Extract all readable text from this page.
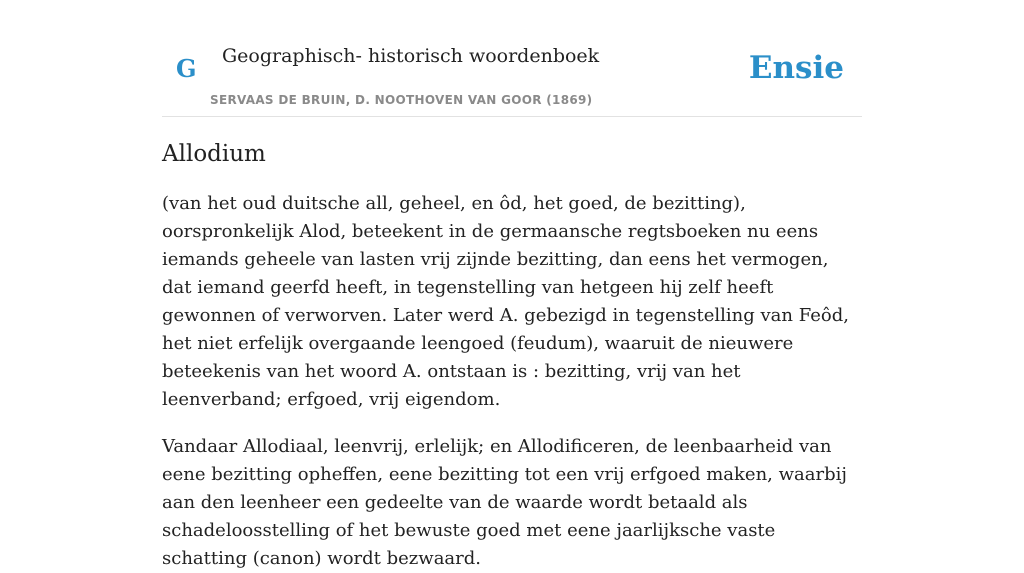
G Geographisch- historisch woordenboek
SERVAAS DE BRUIN, D. NOOTHOVEN VAN GOOR (1869)
Ensie
Allodium

(van het oud duitsche all, geheel, en ôd, het goed, de bezitting), oorspronkelijk Alod, beteekent in de germaansche regtsboeken nu eens iemands geheele van lasten vrij zijnde bezitting, dan eens het vermogen, dat iemand geerfd heeft, in tegenstelling van hetgeen hij zelf heeft gewonnen of verworven. Later werd A. gebezigd in tegenstelling van Feôd, het niet erfelijk overgaande leengoed (feudum), waaruit de nieuwere beteekenis van het woord A. ontstaan is : bezitting, vrij van het leenverband; erfgoed, vrij eigendom.

Vandaar Allodiaal, leenvrij, erlelijk; en Allodificeren, de leenbaarheid van eene bezitting opheffen, eene bezitting tot een vrij erfgoed maken, waarbij aan den leenheer een gedeelte van de waarde wordt betaald als schadeloosstelling of het bewuste goed met eene jaarlijksche vaste schatting (canon) wordt bezwaard.
